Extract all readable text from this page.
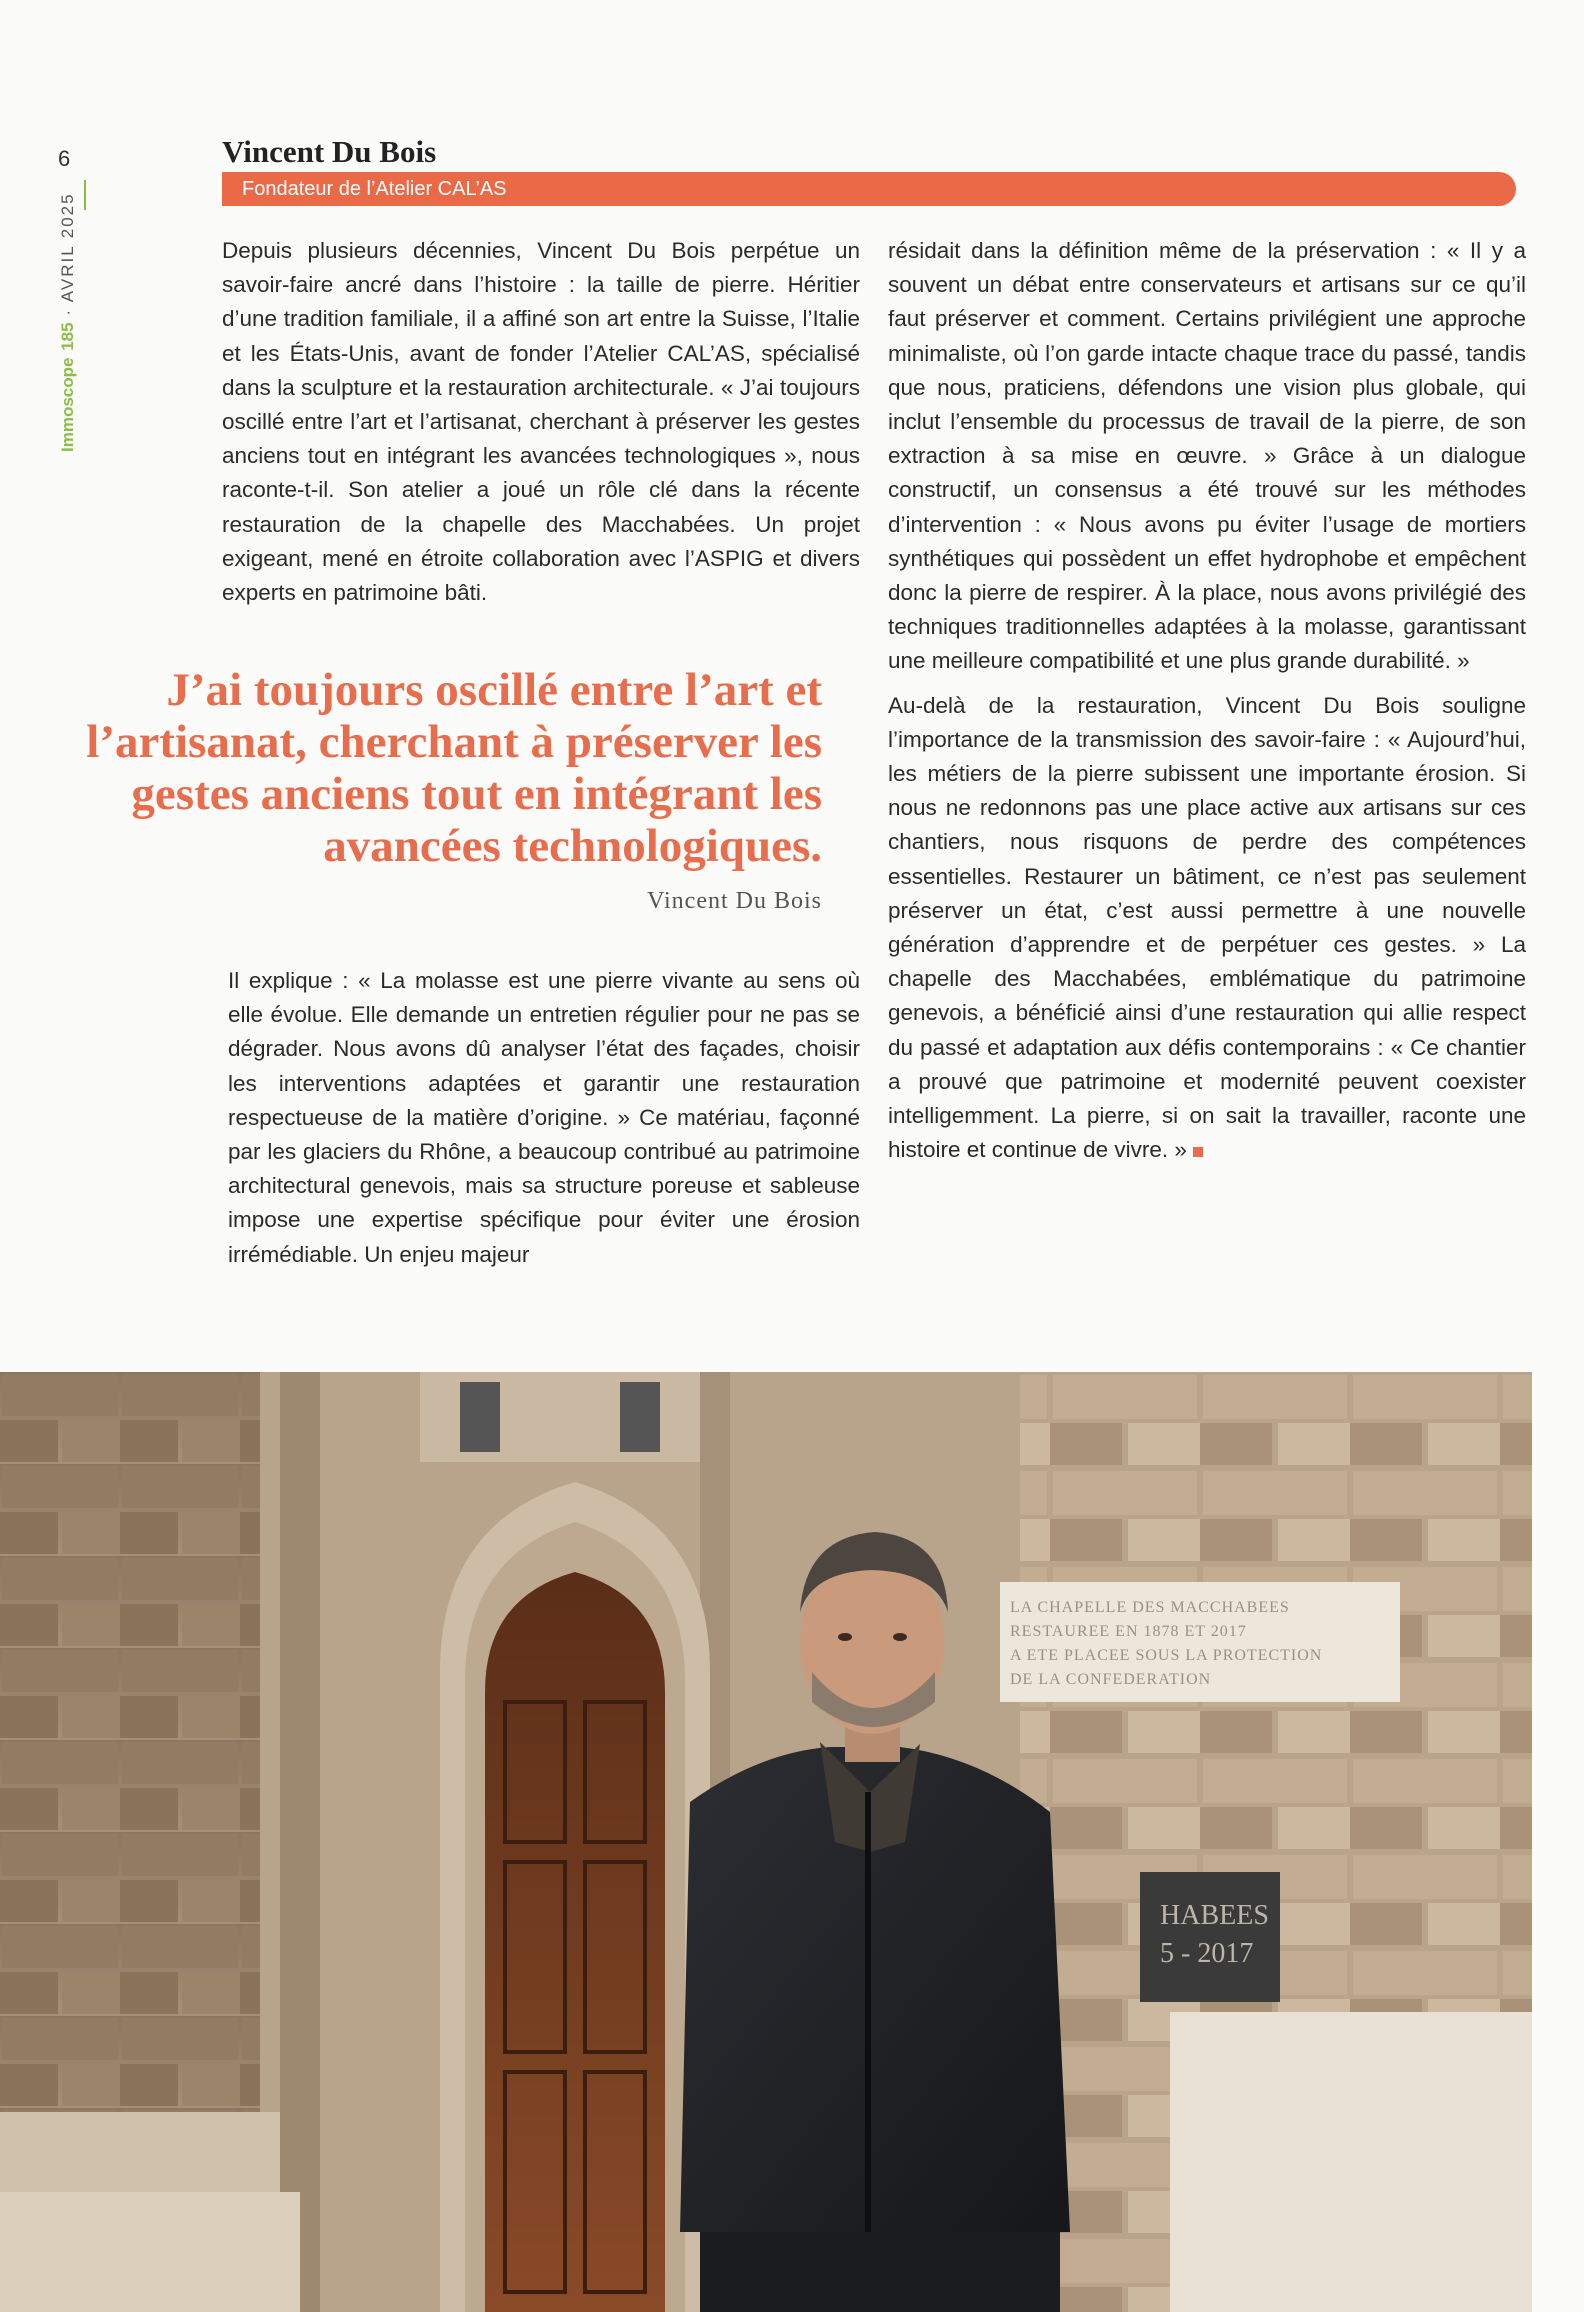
6
Immoscope 185 · AVRIL 2025
Vincent Du Bois
Fondateur de l’Atelier CAL’AS

Depuis plusieurs décennies, Vincent Du Bois perpétue un savoir-faire ancré dans l’histoire : la taille de pierre. Héritier d’une tradition familiale, il a affiné son art entre la Suisse, l’Italie et les États-Unis, avant de fonder l’Atelier CAL’AS, spécialisé dans la sculpture et la restauration architecturale. « J’ai toujours oscillé entre l’art et l’artisanat, cherchant à préserver les gestes anciens tout en intégrant les avancées technologiques », nous raconte-t-il. Son atelier a joué un rôle clé dans la récente restauration de la chapelle des Macchabées. Un projet exigeant, mené en étroite collaboration avec l’ASPIG et divers experts en patrimoine bâti.

J’ai toujours oscillé entre l’art et l’artisanat, cherchant à préserver les gestes anciens tout en intégrant les avancées technologiques.
Vincent Du Bois

Il explique : « La molasse est une pierre vivante au sens où elle évolue. Elle demande un entretien régulier pour ne pas se dégrader. Nous avons dû analyser l’état des façades, choisir les interventions adaptées et garantir une restauration respectueuse de la matière d’origine. » Ce matériau, façonné par les glaciers du Rhône, a beaucoup contribué au patrimoine architectural genevois, mais sa structure poreuse et sableuse impose une expertise spécifique pour éviter une érosion irrémédiable. Un enjeu majeur

résidait dans la définition même de la préservation : « Il y a souvent un débat entre conservateurs et artisans sur ce qu’il faut préserver et comment. Certains privilégient une approche minimaliste, où l’on garde intacte chaque trace du passé, tandis que nous, praticiens, défendons une vision plus globale, qui inclut l’ensemble du processus de travail de la pierre, de son extraction à sa mise en œuvre. » Grâce à un dialogue constructif, un consensus a été trouvé sur les méthodes d’intervention : « Nous avons pu éviter l’usage de mortiers synthétiques qui possèdent un effet hydrophobe et empêchent donc la pierre de respirer. À la place, nous avons privilégié des techniques traditionnelles adaptées à la molasse, garantissant une meilleure compatibilité et une plus grande durabilité. »

Au-delà de la restauration, Vincent Du Bois souligne l’importance de la transmission des savoir-faire : « Aujourd’hui, les métiers de la pierre subissent une importante érosion. Si nous ne redonnons pas une place active aux artisans sur ces chantiers, nous risquons de perdre des compétences essentielles. Restaurer un bâtiment, ce n’est pas seulement préserver un état, c’est aussi permettre à une nouvelle génération d’apprendre et de perpétuer ces gestes. » La chapelle des Macchabées, emblématique du patrimoine genevois, a bénéficié ainsi d’une restauration qui allie respect du passé et adaptation aux défis contemporains : « Ce chantier a prouvé que patrimoine et modernité peuvent coexister intelligemment. La pierre, si on sait la travailler, raconte une histoire et continue de vivre. »

LA CHAPELLE DES MACCHABEES
RESTAUREE EN 1878 ET 2017
A ETE PLACEE SOUS LA PROTECTION
DE LA CONFEDERATION
HABEES
5 - 2017
